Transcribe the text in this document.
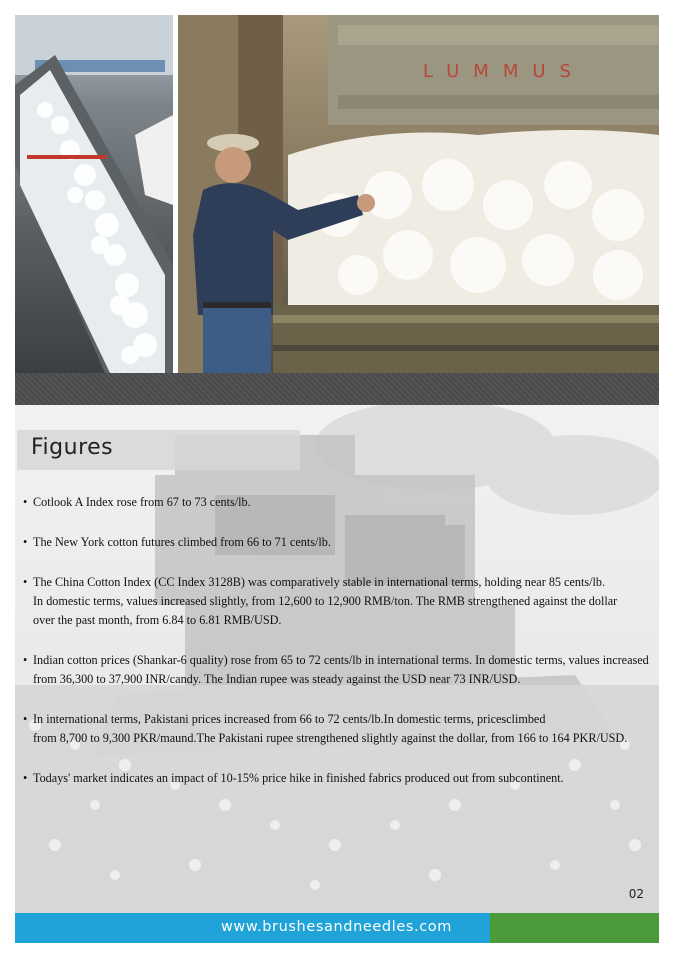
LUMMUS
Figures
• Cotlook A Index rose from 67 to 73 cents/lb.
• The New York cotton futures climbed from 66 to 71 cents/lb.
• The China Cotton Index (CC Index 3128B) was comparatively stable in international terms, holding near 85 cents/lb.
In domestic terms, values increased slightly, from 12,600 to 12,900 RMB/ton. The RMB strengthened against the dollar
over the past month, from 6.84 to 6.81 RMB/USD.
• Indian cotton prices (Shankar-6 quality) rose from 65 to 72 cents/lb in international terms. In domestic terms, values increased
from 36,300 to 37,900 INR/candy. The Indian rupee was steady against the USD near 73 INR/USD.
• In international terms, Pakistani prices increased from 66 to 72 cents/lb.In domestic terms, pricesclimbed
from 8,700 to 9,300 PKR/maund.The Pakistani rupee strengthened slightly against the dollar, from 166 to 164 PKR/USD.
• Todays' market indicates an impact of 10-15% price hike in finished fabrics produced out from subcontinent.
02
www.brushesandneedles.com
